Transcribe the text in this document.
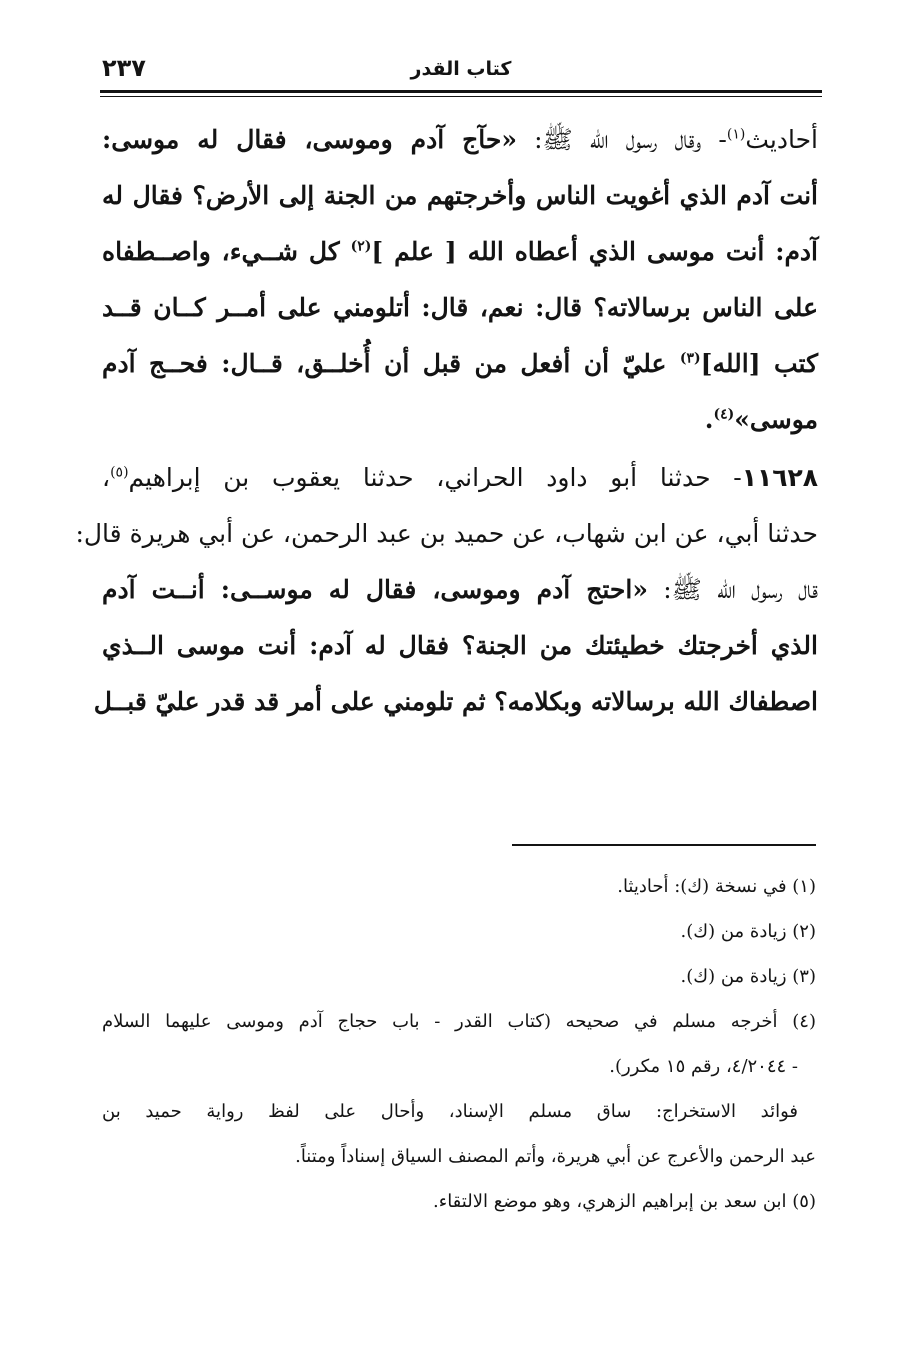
كتاب القدر
٢٣٧
أحاديث$^{(١)}$- وقال رسول الله ﷺ: «حآج آدم وموسى، فقال له موسى:
أنت آدم الذي أغويت الناس وأخرجتهم من الجنة إلى الأرض؟ فقال له
آدم: أنت موسى الذي أعطاه الله [ علم ]$^{(٢)}$ كل شــيء، واصــطفاه
على الناس برسالاته؟ قال: نعم، قال: أتلومني على أمــر كــان قــد
كتب [الله]$^{(٣)}$ عليّ أن أفعل من قبل أن أُخلــق، قــال: فحــج آدم
موسى»$^{(٤)}$.
١١٦٢٨- حدثنا أبو داود الحراني، حدثنا يعقوب بن إبراهيم$^{(٥)}$،
حدثنا أبي، عن ابن شهاب، عن حميد بن عبد الرحمن، عن أبي هريرة قال:
قال رسول الله ﷺ: «احتج آدم وموسى، فقال له موســى: أنــت آدم
الذي أخرجتك خطيئتك من الجنة؟ فقال له آدم: أنت موسى الــذي
اصطفاك الله برسالاته وبكلامه؟ ثم تلومني على أمر قد قدر عليّ قبــل
(١) في نسخة (ك): أحاديثا.
(٢) زيادة من (ك).
(٣) زيادة من (ك).
(٤) أخرجه مسلم في صحيحه (كتاب القدر - باب حجاج آدم وموسى عليهما السلام
- ٤/٢٠٤٤، رقم ١٥ مكرر).
فوائد الاستخراج: ساق مسلم الإسناد، وأحال على لفظ رواية حميد بن
عبد الرحمن والأعرج عن أبي هريرة، وأتم المصنف السياق إسناداً ومتناً.
(٥) ابن سعد بن إبراهيم الزهري، وهو موضع الالتقاء.
